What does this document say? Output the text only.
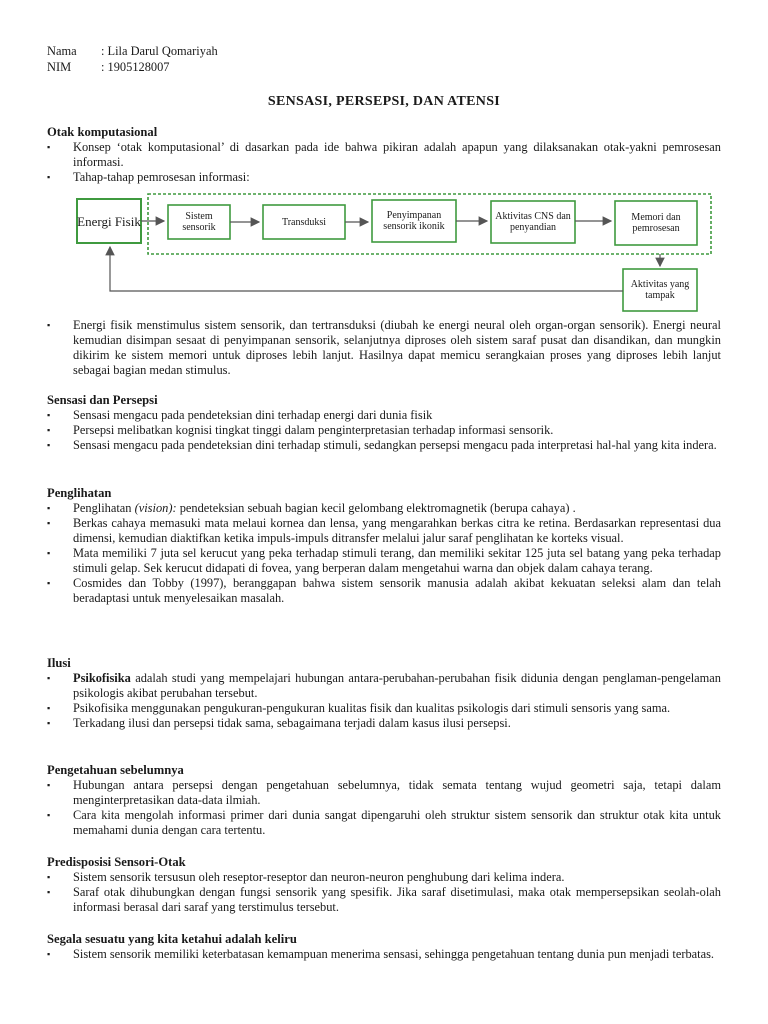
Nama	: Lila Darul Qomariyah
NIM	: 1905128007
SENSASI, PERSEPSI, DAN ATENSI
Otak komputasional
▪ Konsep ‘otak komputasional’ di dasarkan pada ide bahwa pikiran adalah apapun yang dilaksanakan otak-yakni pemrosesan informasi.
▪ Tahap-tahap pemrosesan informasi:
Energi Fisik	Sistem sensorik	Transduksi
Penyimpanan sensorik ikonik
Aktivitas CNS dan penyandian
Memori dan pemrosesan
Aktivitas yang tampak
▪ Energi fisik menstimulus sistem sensorik, dan tertransduksi (diubah ke energi neural oleh organ-organ sensorik). Energi neural kemudian disimpan sesaat di penyimpanan sensorik, selanjutnya diproses oleh sistem saraf pusat dan disandikan, dan mungkin dikirim ke sistem memori untuk diproses lebih lanjut. Hasilnya dapat memicu serangkaian proses yang diproses lebih lanjut sebagai bagian medan stimulus.
Sensasi dan Persepsi
▪ Sensasi mengacu pada pendeteksian dini terhadap energi dari dunia fisik
▪ Persepsi melibatkan kognisi tingkat tinggi dalam penginterpretasian terhadap informasi sensorik.
▪ Sensasi mengacu pada pendeteksian dini terhadap stimuli, sedangkan persepsi mengacu pada interpretasi hal-hal yang kita indera.
Penglihatan
▪ Penglihatan (vision): pendeteksian sebuah bagian kecil gelombang elektromagnetik (berupa cahaya) .
▪ Berkas cahaya memasuki mata melaui kornea dan lensa, yang mengarahkan berkas citra ke retina. Berdasarkan representasi dua dimensi, kemudian diaktifkan ketika impuls-impuls ditransfer melalui jalur saraf penglihatan ke korteks visual.
▪ Mata memiliki 7 juta sel kerucut yang peka terhadap stimuli terang, dan memiliki sekitar 125 juta sel batang yang peka terhadap stimuli gelap. Sek kerucut didapati di fovea, yang berperan dalam mengetahui warna dan objek dalam cahaya terang.
▪ Cosmides dan Tobby (1997), beranggapan bahwa sistem sensorik manusia adalah akibat kekuatan seleksi alam dan telah beradaptasi untuk menyelesaikan masalah.
Ilusi
▪ Psikofisika adalah studi yang mempelajari hubungan antara-perubahan-perubahan fisik didunia dengan penglaman-pengelaman psikologis akibat perubahan tersebut.
▪ Psikofisika menggunakan pengukuran-pengukuran kualitas fisik dan kualitas psikologis dari stimuli sensoris yang sama.
▪ Terkadang ilusi dan persepsi tidak sama, sebagaimana terjadi dalam kasus ilusi persepsi.
Pengetahuan sebelumnya
▪ Hubungan antara persepsi dengan pengetahuan sebelumnya, tidak semata tentang wujud geometri saja, tetapi dalam menginterpretasikan data-data ilmiah.
▪ Cara kita mengolah informasi primer dari dunia sangat dipengaruhi oleh struktur sistem sensorik dan struktur otak kita untuk memahami dunia dengan cara tertentu.
Predisposisi Sensori-Otak
▪ Sistem sensorik tersusun oleh reseptor-reseptor dan neuron-neuron penghubung dari kelima indera.
▪ Saraf otak dihubungkan dengan fungsi sensorik yang spesifik. Jika saraf disetimulasi, maka otak mempersepsikan seolah-olah informasi berasal dari saraf yang terstimulus tersebut.
Segala sesuatu yang kita ketahui adalah keliru
▪ Sistem sensorik memiliki keterbatasan kemampuan menerima sensasi, sehingga pengetahuan tentang dunia pun menjadi terbatas.
